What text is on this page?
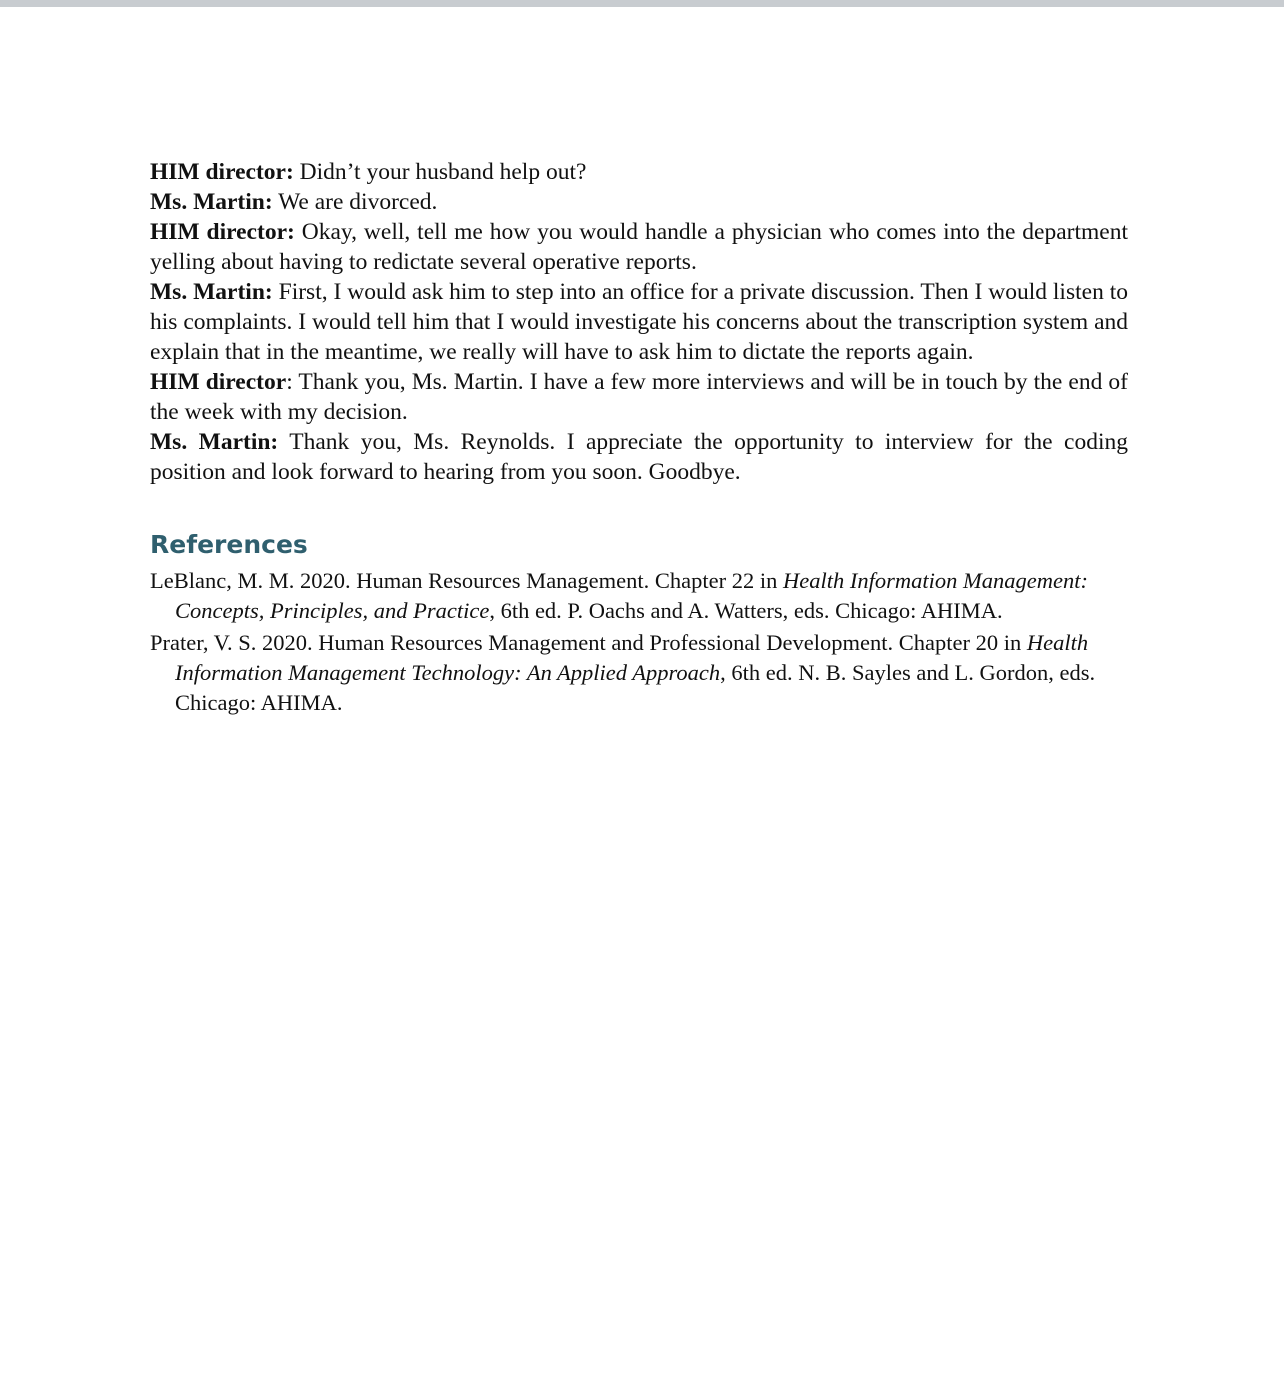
HIM director: Didn’t your husband help out?

Ms. Martin: We are divorced.

HIM director: Okay, well, tell me how you would handle a physician who comes into the department yelling about having to redictate several operative reports.

Ms. Martin: First, I would ask him to step into an office for a private discussion. Then I would listen to his complaints. I would tell him that I would investigate his concerns about the transcription system and explain that in the meantime, we really will have to ask him to dictate the reports again.

HIM director: Thank you, Ms. Martin. I have a few more interviews and will be in touch by the end of the week with my decision.

Ms. Martin: Thank you, Ms. Reynolds. I appreciate the opportunity to interview for the coding position and look forward to hearing from you soon. Goodbye.

References

LeBlanc, M. M. 2020. Human Resources Management. Chapter 22 in Health Information Management: Concepts, Principles, and Practice, 6th ed. P. Oachs and A. Watters, eds. Chicago: AHIMA.

Prater, V. S. 2020. Human Resources Management and Professional Development. Chapter 20 in Health Information Management Technology: An Applied Approach, 6th ed. N. B. Sayles and L. Gordon, eds. Chicago: AHIMA.
